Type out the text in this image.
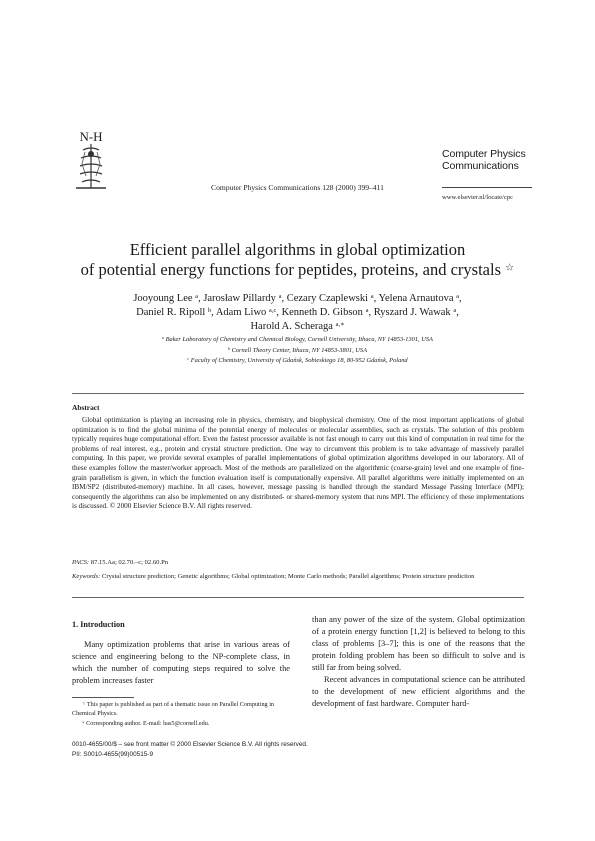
N-H
Computer Physics Communications 128 (2000) 399–411
Computer Physics Communications
www.elsevier.nl/locate/cpc
Efficient parallel algorithms in global optimization
of potential energy functions for peptides, proteins, and crystals ☆
Jooyoung Lee $^a$, Jarosław Pillardy $^a$, Cezary Czaplewski $^a$, Yelena Arnautova $^a$,
Daniel R. Ripoll $^b$, Adam Liwo $^{a,c}$, Kenneth D. Gibson $^a$, Ryszard J. Wawak $^a$,
Harold A. Scheraga $^{a,∗}$
$^a$ Baker Laboratory of Chemistry and Chemical Biology, Cornell University, Ithaca, NY 14853-1301, USA
$^b$ Cornell Theory Center, Ithaca, NY 14853-3801, USA
$^c$ Faculty of Chemistry, University of Gdańsk, Sobieskiego 18, 80-952 Gdańsk, Poland
Abstract
Global optimization is playing an increasing role in physics, chemistry, and biophysical chemistry. One of the most important applications of global optimization is to find the global minima of the potential energy of molecules or molecular assemblies, such as crystals. The solution of this problem typically requires huge computational effort. Even the fastest processor available is not fast enough to carry out this kind of computation in real time for the problems of real interest, e.g., protein and crystal structure prediction. One way to circumvent this problem is to take advantage of massively parallel computing. In this paper, we provide several examples of parallel implementations of global optimization algorithms developed in our laboratory. All of these examples follow the master/worker approach. Most of the methods are parallelized on the algorithmic (coarse-grain) level and one example of fine-grain parallelism is given, in which the function evaluation itself is computationally expensive. All parallel algorithms were initially implemented on an IBM/SP2 (distributed-memory) machine. In all cases, however, message passing is handled through the standard Message Passing Interface (MPI); consequently the algorithms can also be implemented on any distributed- or shared-memory system that runs MPI. The efficiency of these implementations is discussed. © 2000 Elsevier Science B.V. All rights reserved.
PACS: 87.15.Aa; 02.70.–c; 02.60.Pn
Keywords: Crystal structure prediction; Genetic algorithms; Global optimization; Monte Carlo methods; Parallel algorithms; Protein structure prediction
1. Introduction
Many optimization problems that arise in various areas of science and engineering belong to the NP-complete class, in which the number of computing steps required to solve the problem increases faster
than any power of the size of the system. Global optimization of a protein energy function [1,2] is believed to belong to this class of problems [3–7]; this is one of the reasons that the protein folding problem has been so difficult to solve and is still far from being solved.
Recent advances in computational science can be attributed to the development of new efficient algorithms and the development of fast hardware. Computer hard-
☆ This paper is published as part of a thematic issue on Parallel Computing in Chemical Physics.
∗ Corresponding author. E-mail: has5@cornell.edu.
0010-4655/00/$ – see front matter © 2000 Elsevier Science B.V. All rights reserved.
PII: S0010-4655(99)00515-9
